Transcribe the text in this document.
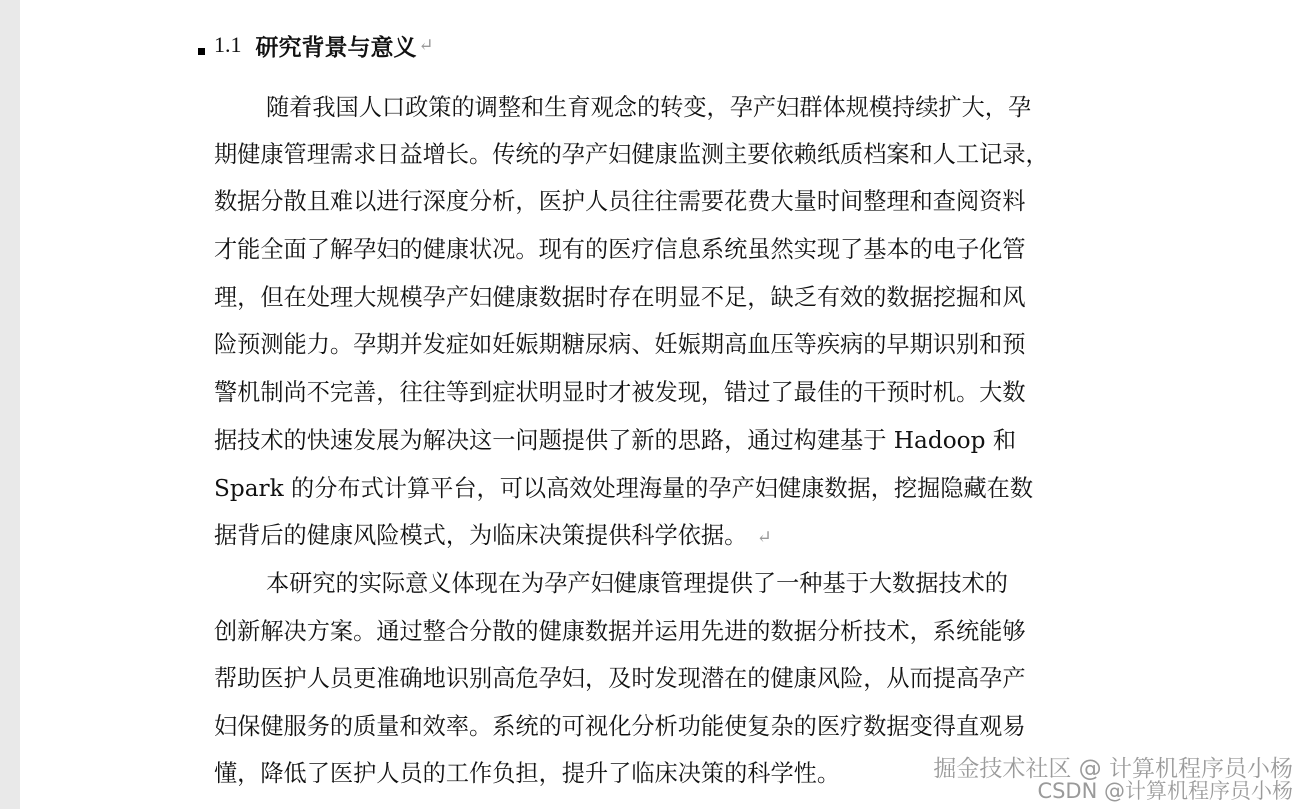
1.1 研究背景与意义 ↵
随着我国人口政策的调整和生育观念的转变，孕产妇群体规模持续扩大，孕
期健康管理需求日益增长。传统的孕产妇健康监测主要依赖纸质档案和人工记录，
数据分散且难以进行深度分析，医护人员往往需要花费大量时间整理和查阅资料
才能全面了解孕妇的健康状况。现有的医疗信息系统虽然实现了基本的电子化管
理，但在处理大规模孕产妇健康数据时存在明显不足，缺乏有效的数据挖掘和风
险预测能力。孕期并发症如妊娠期糖尿病、妊娠期高血压等疾病的早期识别和预
警机制尚不完善，往往等到症状明显时才被发现，错过了最佳的干预时机。大数
据技术的快速发展为解决这一问题提供了新的思路，通过构建基于 Hadoop 和
Spark 的分布式计算平台，可以高效处理海量的孕产妇健康数据，挖掘隐藏在数
据背后的健康风险模式，为临床决策提供科学依据。 ↵
本研究的实际意义体现在为孕产妇健康管理提供了一种基于大数据技术的
创新解决方案。通过整合分散的健康数据并运用先进的数据分析技术，系统能够
帮助医护人员更准确地识别高危孕妇，及时发现潜在的健康风险，从而提高孕产
妇保健服务的质量和效率。系统的可视化分析功能使复杂的医疗数据变得直观易
懂，降低了医护人员的工作负担，提升了临床决策的科学性。	掘金技术社区 @ 计算机程序员小杨
CSDN @计算机程序员小杨
